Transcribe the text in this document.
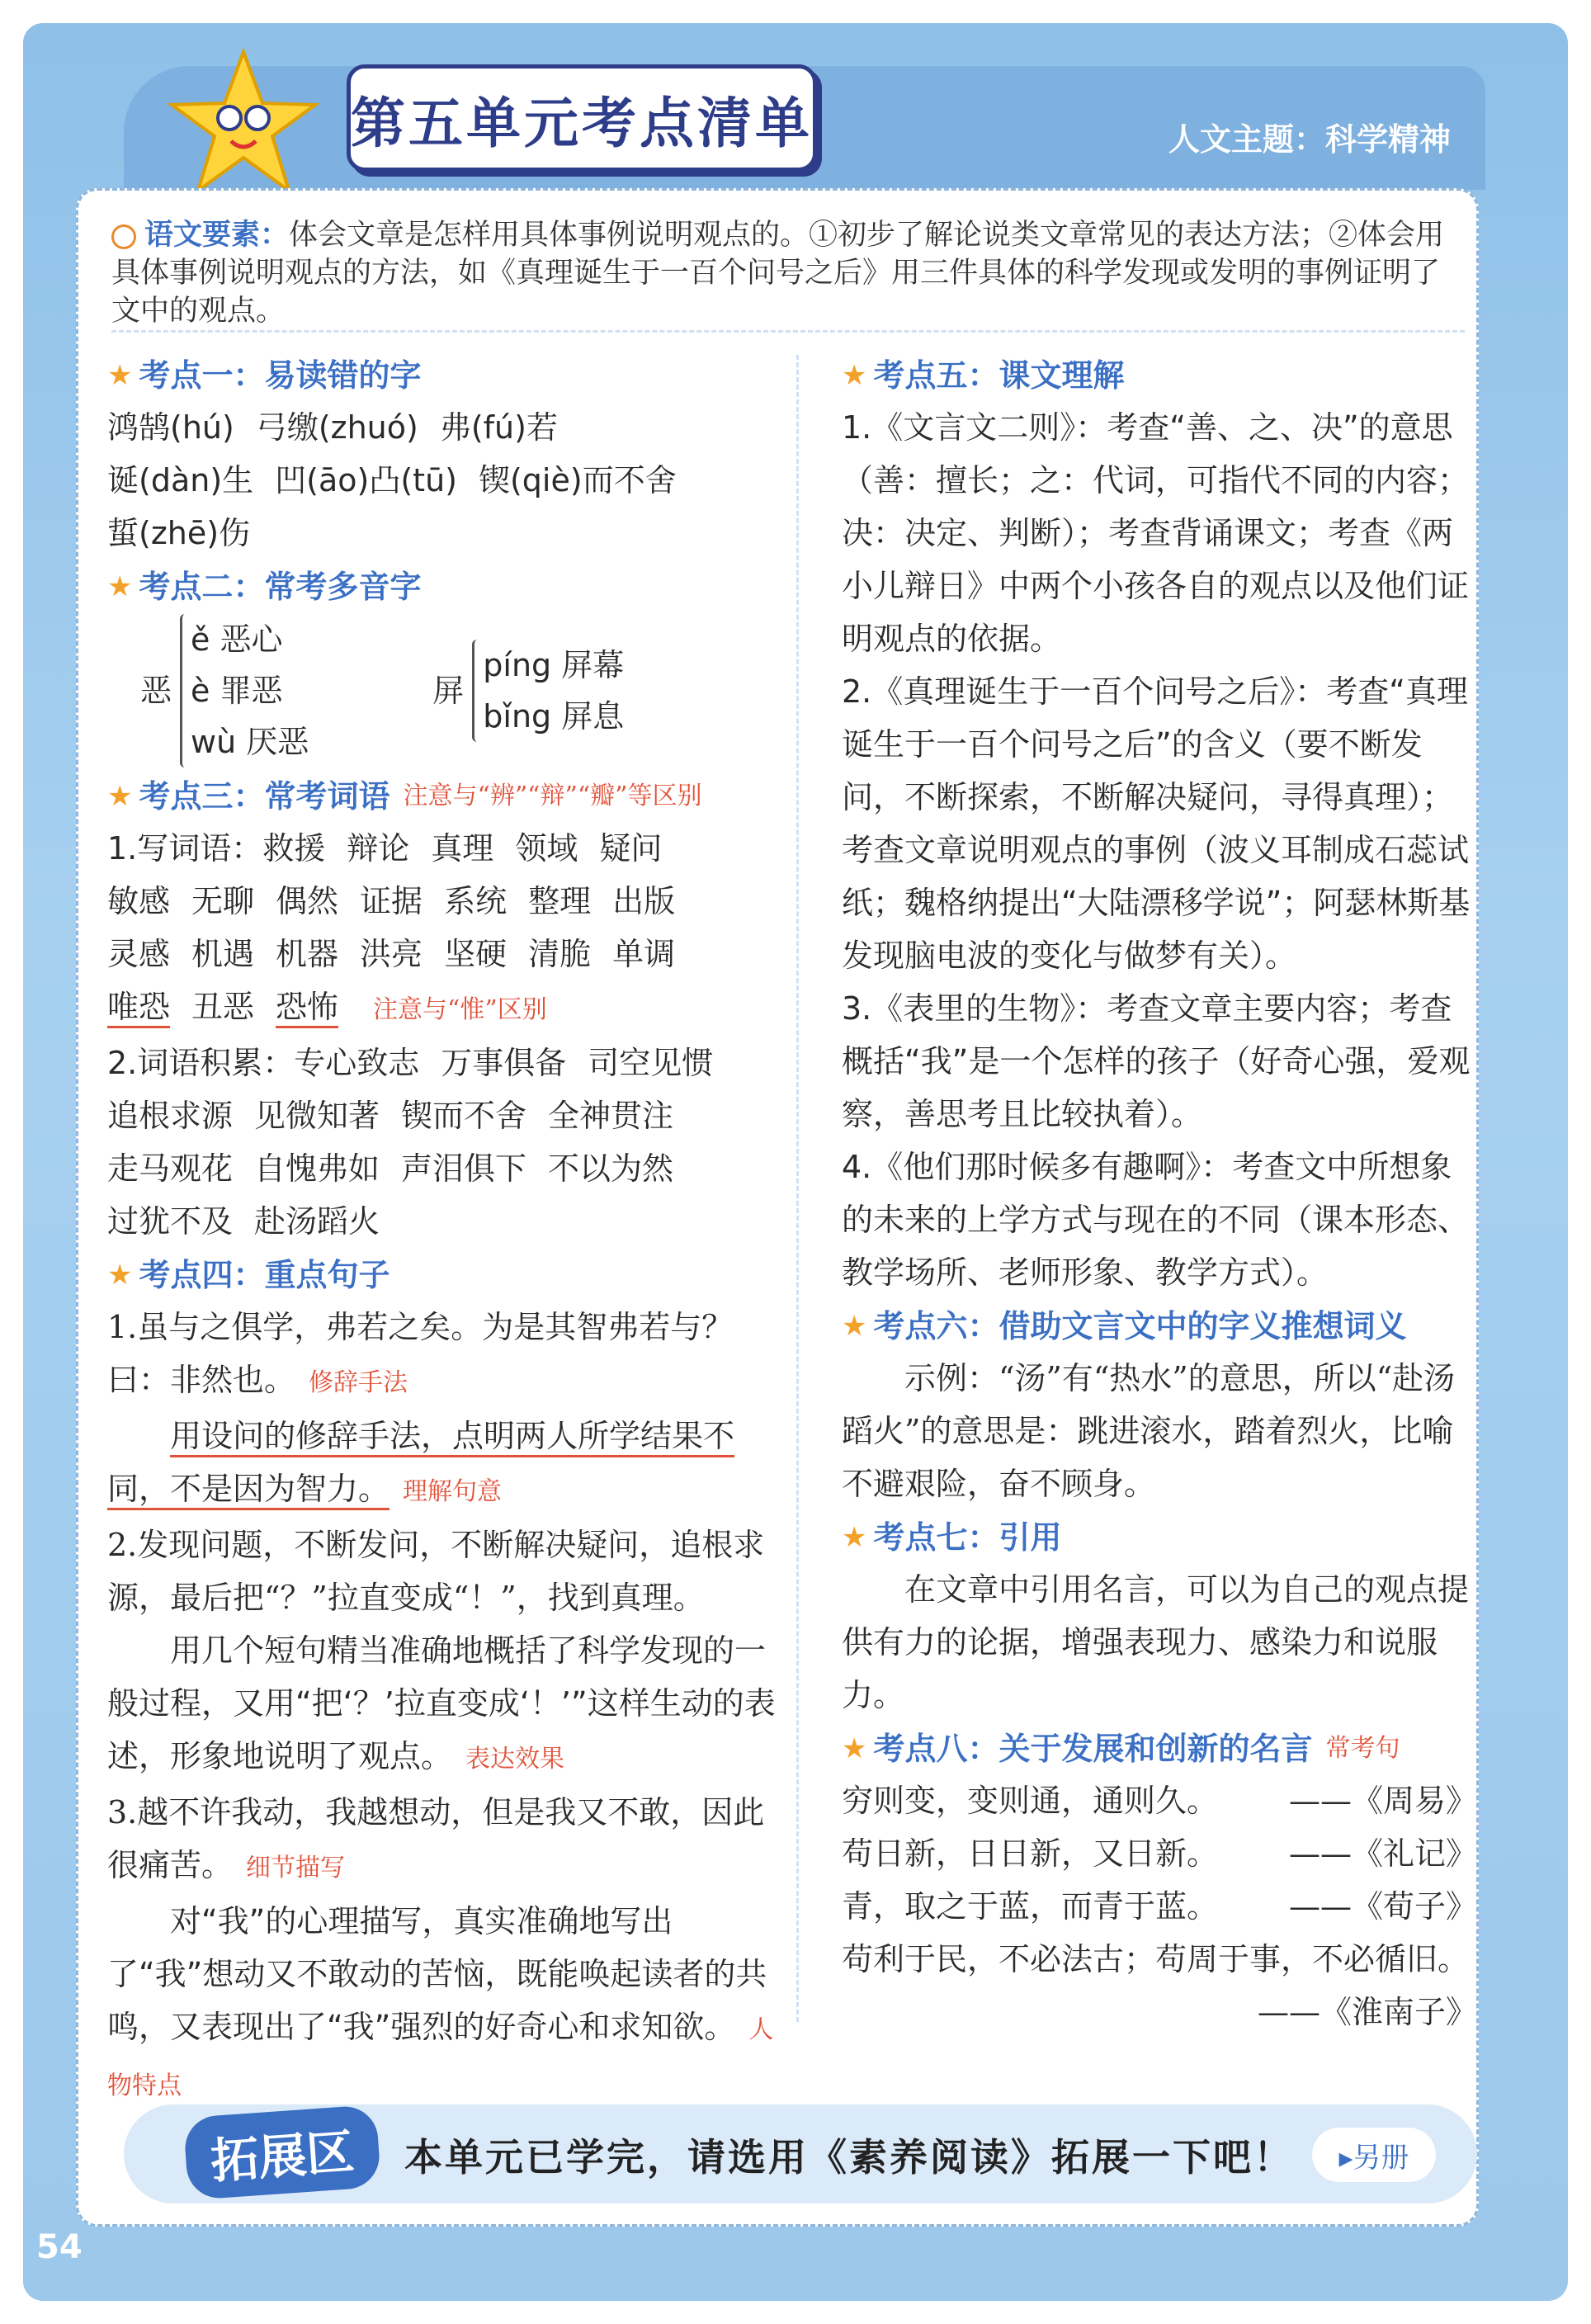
第五单元考点清单	人文主题：科学精神
语文要素：体会文章是怎样用具体事例说明观点的。①初步了解论说类文章常见的表达方法；②体会用具体事例说明观点的方法，如《真理诞生于一百个问号之后》用三件具体的科学发现或发明的事例证明了文中的观点。
★ 考点一：易读错的字
鸿鹄(hú) 弓缴(zhuó) 弗(fú)若
诞(dàn)生 凹(āo)凸(tū) 锲(qiè)而不舍
蜇(zhē)伤
★ 考点二：常考多音字
恶
ě 恶心
è 罪恶
wù 厌恶
屏
píng 屏幕
bǐng 屏息
★ 考点三：常考词语 注意与“辨”“辩”“瓣”等区别
1.写词语：救援 辩论 真理 领域 疑问
敏感 无聊 偶然 证据 系统 整理 出版
灵感 机遇 机器 洪亮 坚硬 清脆 单调
唯恐 丑恶 恐怖 注意与“惟”区别
2.词语积累：专心致志 万事俱备 司空见惯
追根求源 见微知著 锲而不舍 全神贯注
走马观花 自愧弗如 声泪俱下 不以为然
过犹不及 赴汤蹈火
★ 考点四：重点句子
1.虽与之俱学，弗若之矣。为是其智弗若与？曰：非然也。 修辞手法
用设问的修辞手法，点明两人所学结果不同，不是因为智力。 理解句意
2.发现问题，不断发问，不断解决疑问，追根求源，最后把“？”拉直变成“！”，找到真理。
用几个短句精当准确地概括了科学发现的一般过程，又用“把‘？’拉直变成‘！’”这样生动的表述，形象地说明了观点。 表达效果
3.越不许我动，我越想动，但是我又不敢，因此很痛苦。 细节描写
对“我”的心理描写，真实准确地写出了“我”想动又不敢动的苦恼，既能唤起读者的共鸣，又表现出了“我”强烈的好奇心和求知欲。 人物特点
★ 考点五：课文理解
1.《文言文二则》：考查“善、之、决”的意思（善：擅长；之：代词，可指代不同的内容；决：决定、判断）；考查背诵课文；考查《两小儿辩日》中两个小孩各自的观点以及他们证明观点的依据。
2.《真理诞生于一百个问号之后》：考查“真理诞生于一百个问号之后”的含义（要不断发问，不断探索，不断解决疑问，寻得真理）；考查文章说明观点的事例（波义耳制成石蕊试纸；魏格纳提出“大陆漂移学说”；阿瑟林斯基发现脑电波的变化与做梦有关）。
3.《表里的生物》：考查文章主要内容；考查概括“我”是一个怎样的孩子（好奇心强，爱观察，善思考且比较执着）。
4.《他们那时候多有趣啊》：考查文中所想象的未来的上学方式与现在的不同（课本形态、教学场所、老师形象、教学方式）。
★ 考点六：借助文言文中的字义推想词义
示例：“汤”有“热水”的意思，所以“赴汤蹈火”的意思是：跳进滚水，踏着烈火，比喻不避艰险，奋不顾身。
★ 考点七：引用
在文章中引用名言，可以为自己的观点提供有力的论据，增强表现力、感染力和说服力。
★ 考点八：关于发展和创新的名言 常考句
穷则变，变则通，通则久。 ——《周易》
苟日新，日日新，又日新。 ——《礼记》
青，取之于蓝，而青于蓝。 ——《荀子》
苟利于民，不必法古；苟周于事，不必循旧。
——《淮南子》
拓展区	本单元已学完，请选用《素养阅读》拓展一下吧！	▸另册
54
